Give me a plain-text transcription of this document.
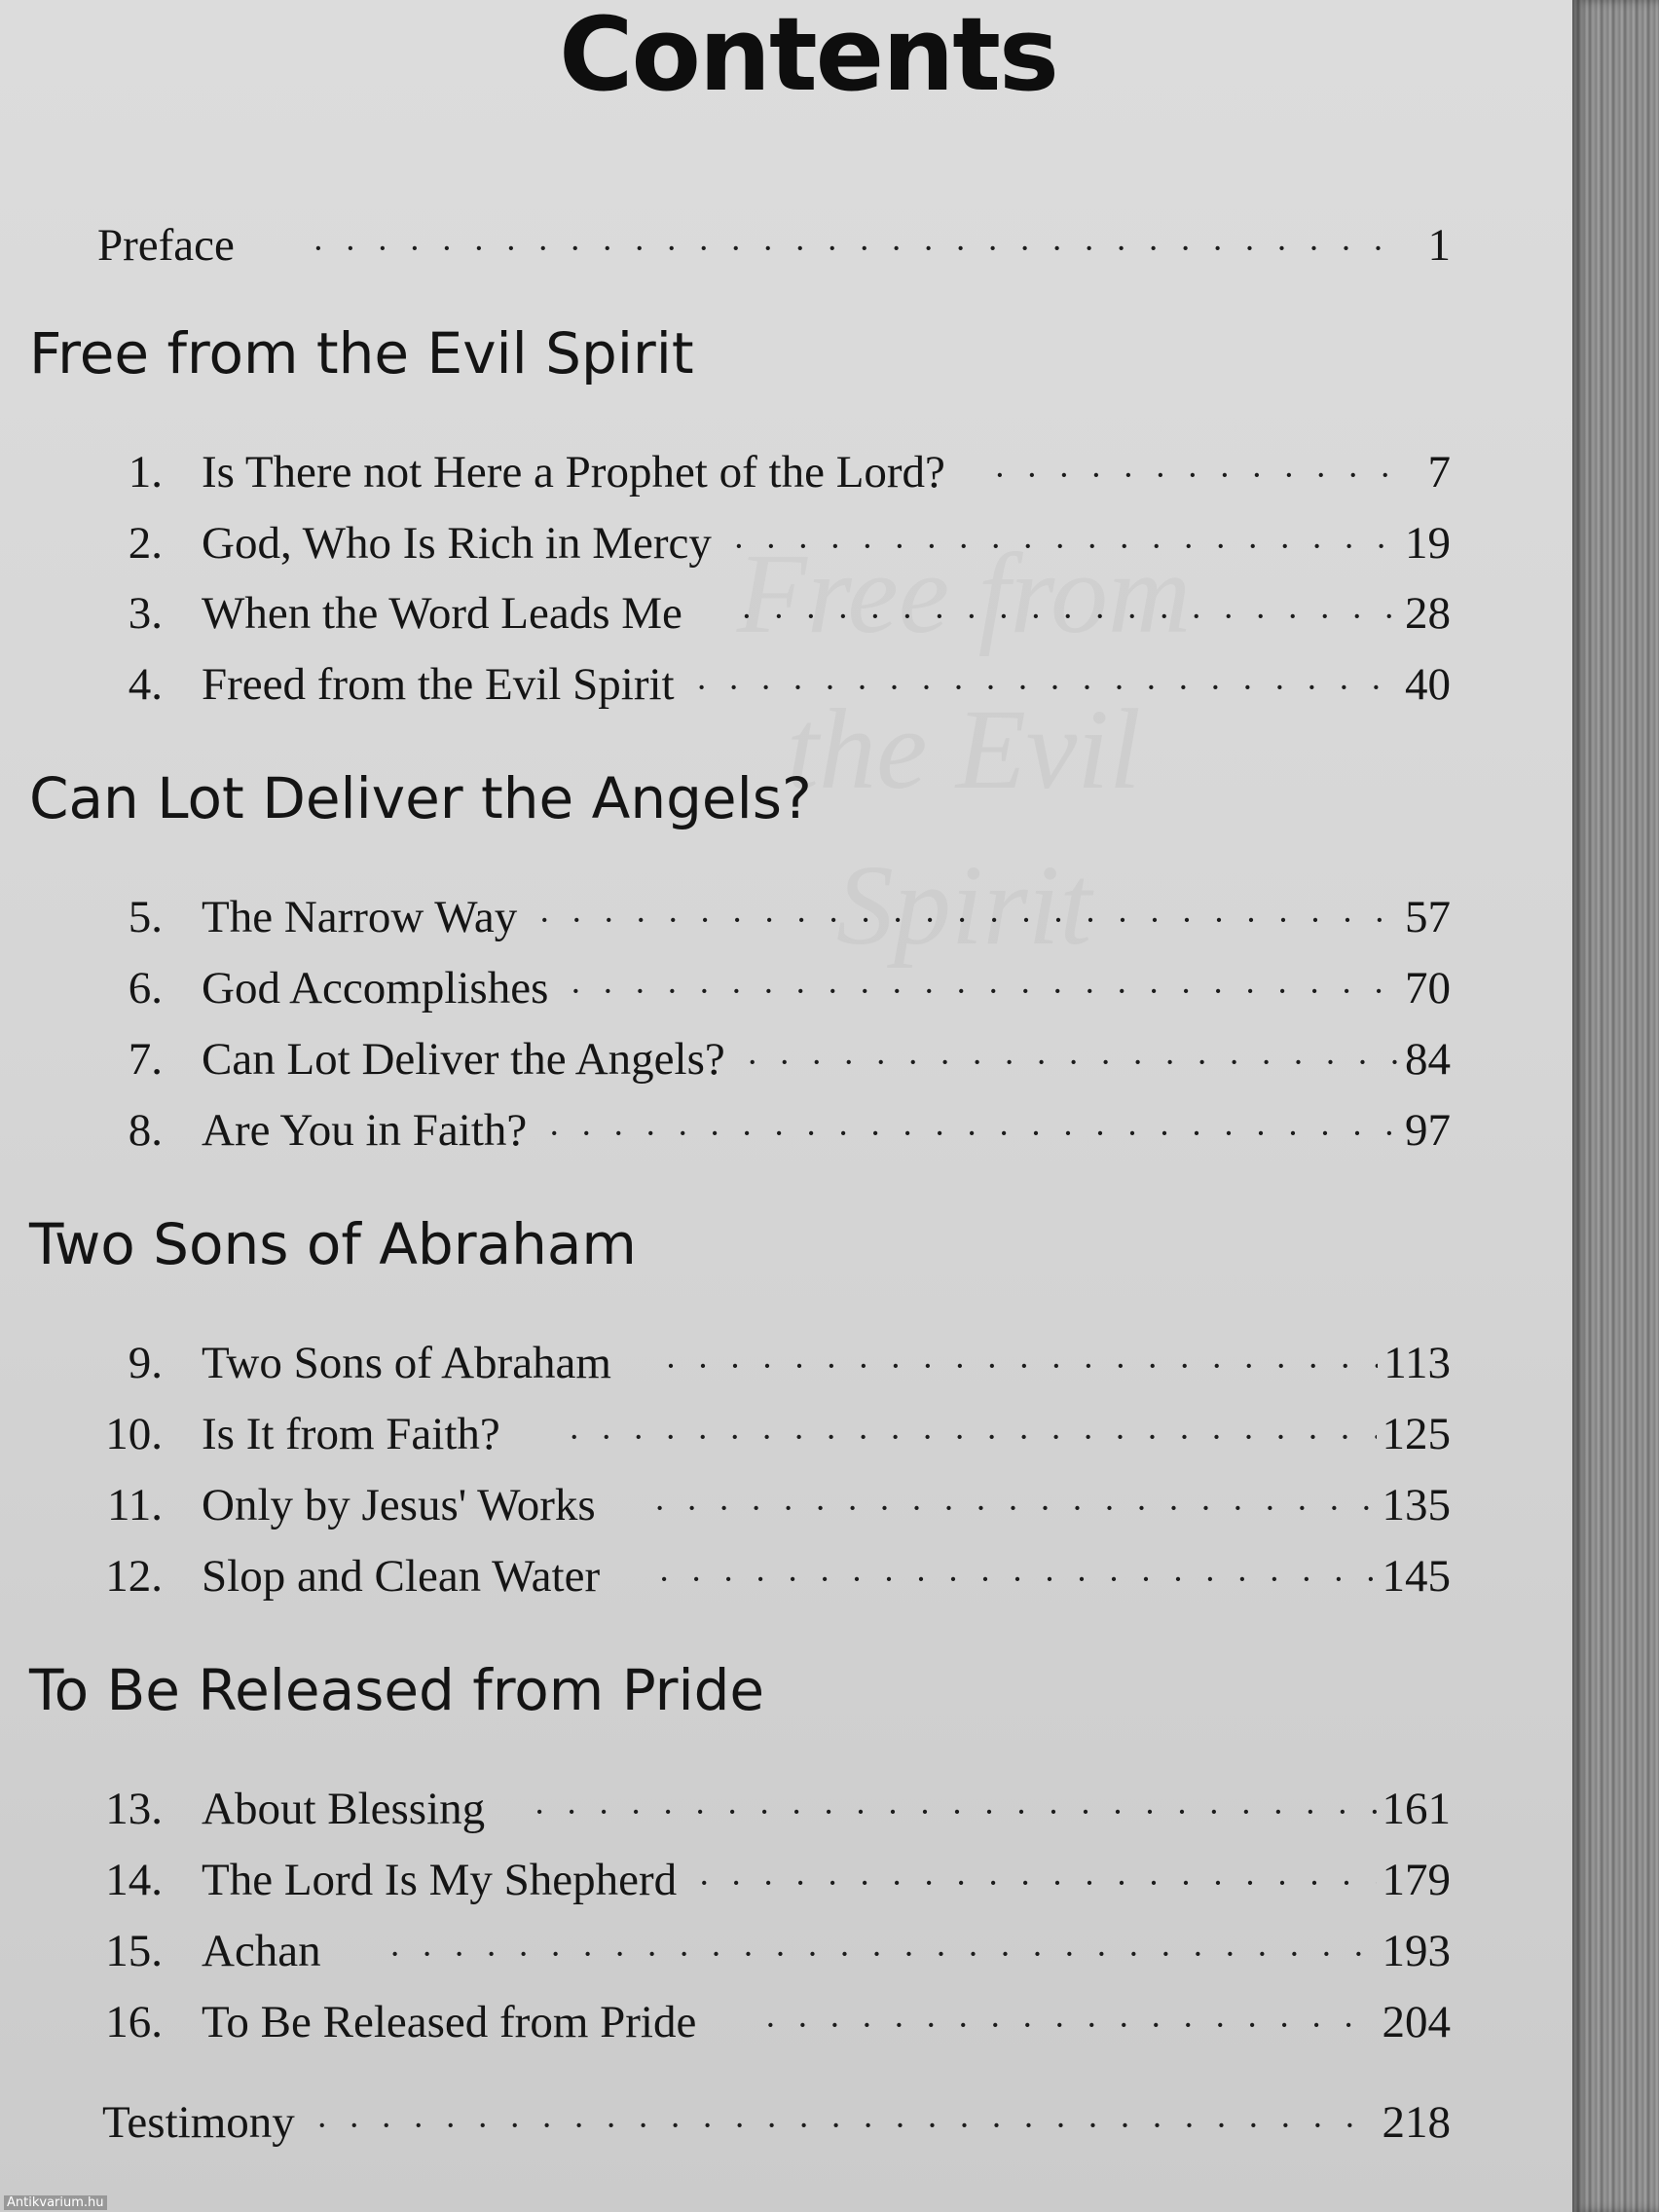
Free from
the Evil Spirit
Contents
Preface · · ·	1
Free from the Evil Spirit
1. Is There not Here a Prophet of the Lord? · · ·	7
2. God, Who Is Rich in Mercy · · ·	19
3. When the Word Leads Me · · ·	28
4. Freed from the Evil Spirit · · ·	40
Can Lot Deliver the Angels?
5. The Narrow Way · · ·	57
6. God Accomplishes · · ·	70
7. Can Lot Deliver the Angels? · · ·	84
8. Are You in Faith? · · ·	97
Two Sons of Abraham
9. Two Sons of Abraham · · ·	113
10. Is It from Faith? · · ·	125
11. Only by Jesus' Works · · ·	135
12. Slop and Clean Water · · ·	145
To Be Released from Pride
13. About Blessing · · ·	161
14. The Lord Is My Shepherd · · ·	179
15. Achan · · ·	193
16. To Be Released from Pride · · ·	204
Testimony · · ·	218
Antikvarium.hu
